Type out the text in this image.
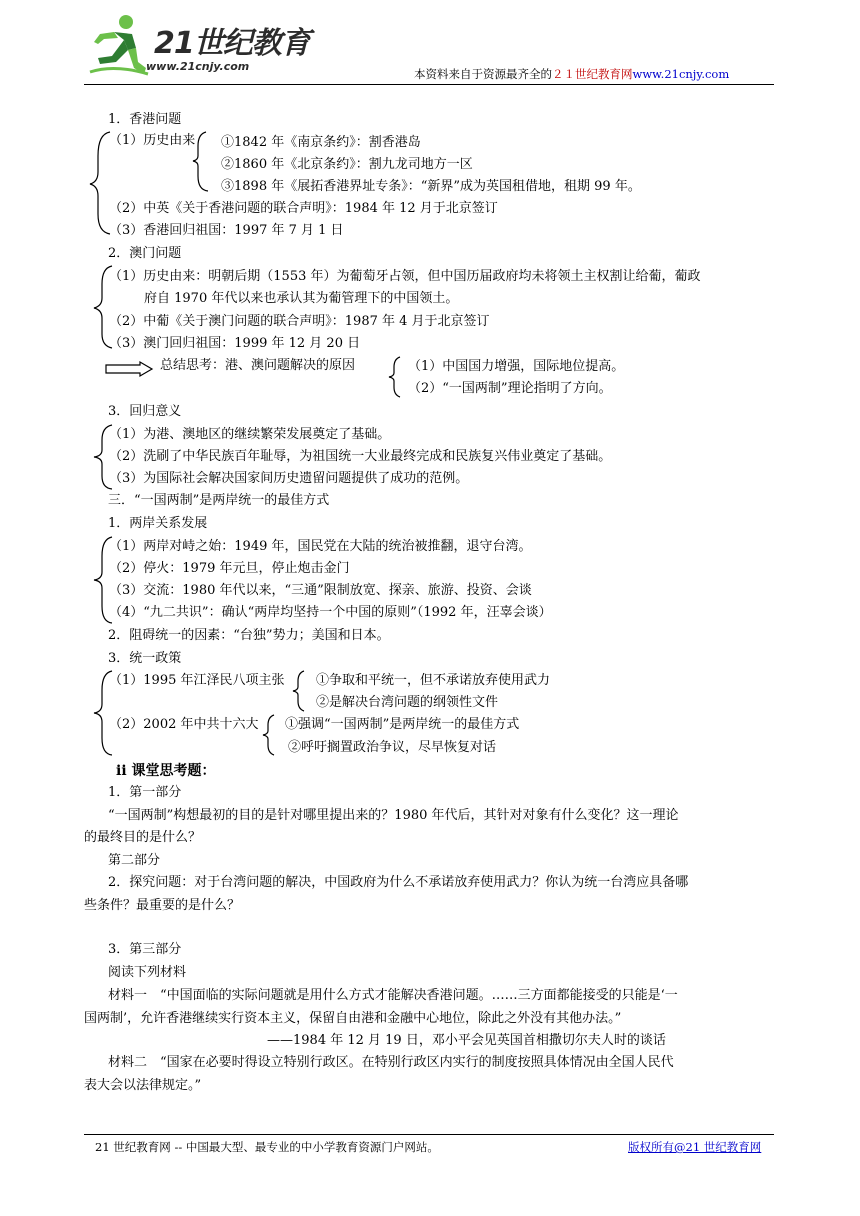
21世纪教育
www.21cnjy.com
本资料来自于资源最齐全的２１世纪教育网www.21cnjy.com
1．香港问题
（1）历史由来 ①1842 年《南京条约》：割香港岛
②1860 年《北京条约》：割九龙司地方一区
③1898 年《展拓香港界址专条》：“新界”成为英国租借地，租期 99 年。
（2）中英《关于香港问题的联合声明》：1984 年 12 月于北京签订
（3）香港回归祖国：1997 年 7 月 1 日
2．澳门问题
（1）历史由来：明朝后期（1553 年）为葡萄牙占领，但中国历届政府均未将领土主权割让给葡，葡政
府自 1970 年代以来也承认其为葡管理下的中国领土。
（2）中葡《关于澳门问题的联合声明》：1987 年 4 月于北京签订
（3）澳门回归祖国：1999 年 12 月 20 日
总结思考：港、澳问题解决的原因	（1）中国国力增强，国际地位提高。
（2）“一国两制”理论指明了方向。
3．回归意义
（1）为港、澳地区的继续繁荣发展奠定了基础。
（2）洗刷了中华民族百年耻辱，为祖国统一大业最终完成和民族复兴伟业奠定了基础。
（3）为国际社会解决国家间历史遗留问题提供了成功的范例。
三．“一国两制”是两岸统一的最佳方式
1．两岸关系发展
（1）两岸对峙之始：1949 年，国民党在大陆的统治被推翻，退守台湾。
（2）停火：1979 年元旦，停止炮击金门
（3）交流：1980 年代以来，“三通”限制放宽、探亲、旅游、投资、会谈
（4）“九二共识”：确认“两岸均坚持一个中国的原则”（1992 年，汪辜会谈）
2．阻碍统一的因素：“台独”势力；美国和日本。
3．统一政策
（1）1995 年江泽民八项主张 ①争取和平统一，但不承诺放弃使用武力
②是解决台湾问题的纲领性文件
（2）2002 年中共十六大 ①强调“一国两制”是两岸统一的最佳方式
②呼吁搁置政治争议，尽早恢复对话
ⅱ 课堂思考题：
1．第一部分
“一国两制”构想最初的目的是针对哪里提出来的？1980 年代后，其针对对象有什么变化？这一理论
的最终目的是什么？
第二部分
2．探究问题：对于台湾问题的解决，中国政府为什么不承诺放弃使用武力？你认为统一台湾应具备哪
些条件？最重要的是什么？
3．第三部分
阅读下列材料
材料一　“中国面临的实际问题就是用什么方式才能解决香港问题。……三方面都能接受的只能是‘一
国两制’，允许香港继续实行资本主义，保留自由港和金融中心地位，除此之外没有其他办法。”
——1984 年 12 月 19 日，邓小平会见英国首相撒切尔夫人时的谈话
材料二　“国家在必要时得设立特别行政区。在特别行政区内实行的制度按照具体情况由全国人民代
表大会以法律规定。”
21 世纪教育网 -- 中国最大型、最专业的中小学教育资源门户网站。	版权所有@21 世纪教育网
